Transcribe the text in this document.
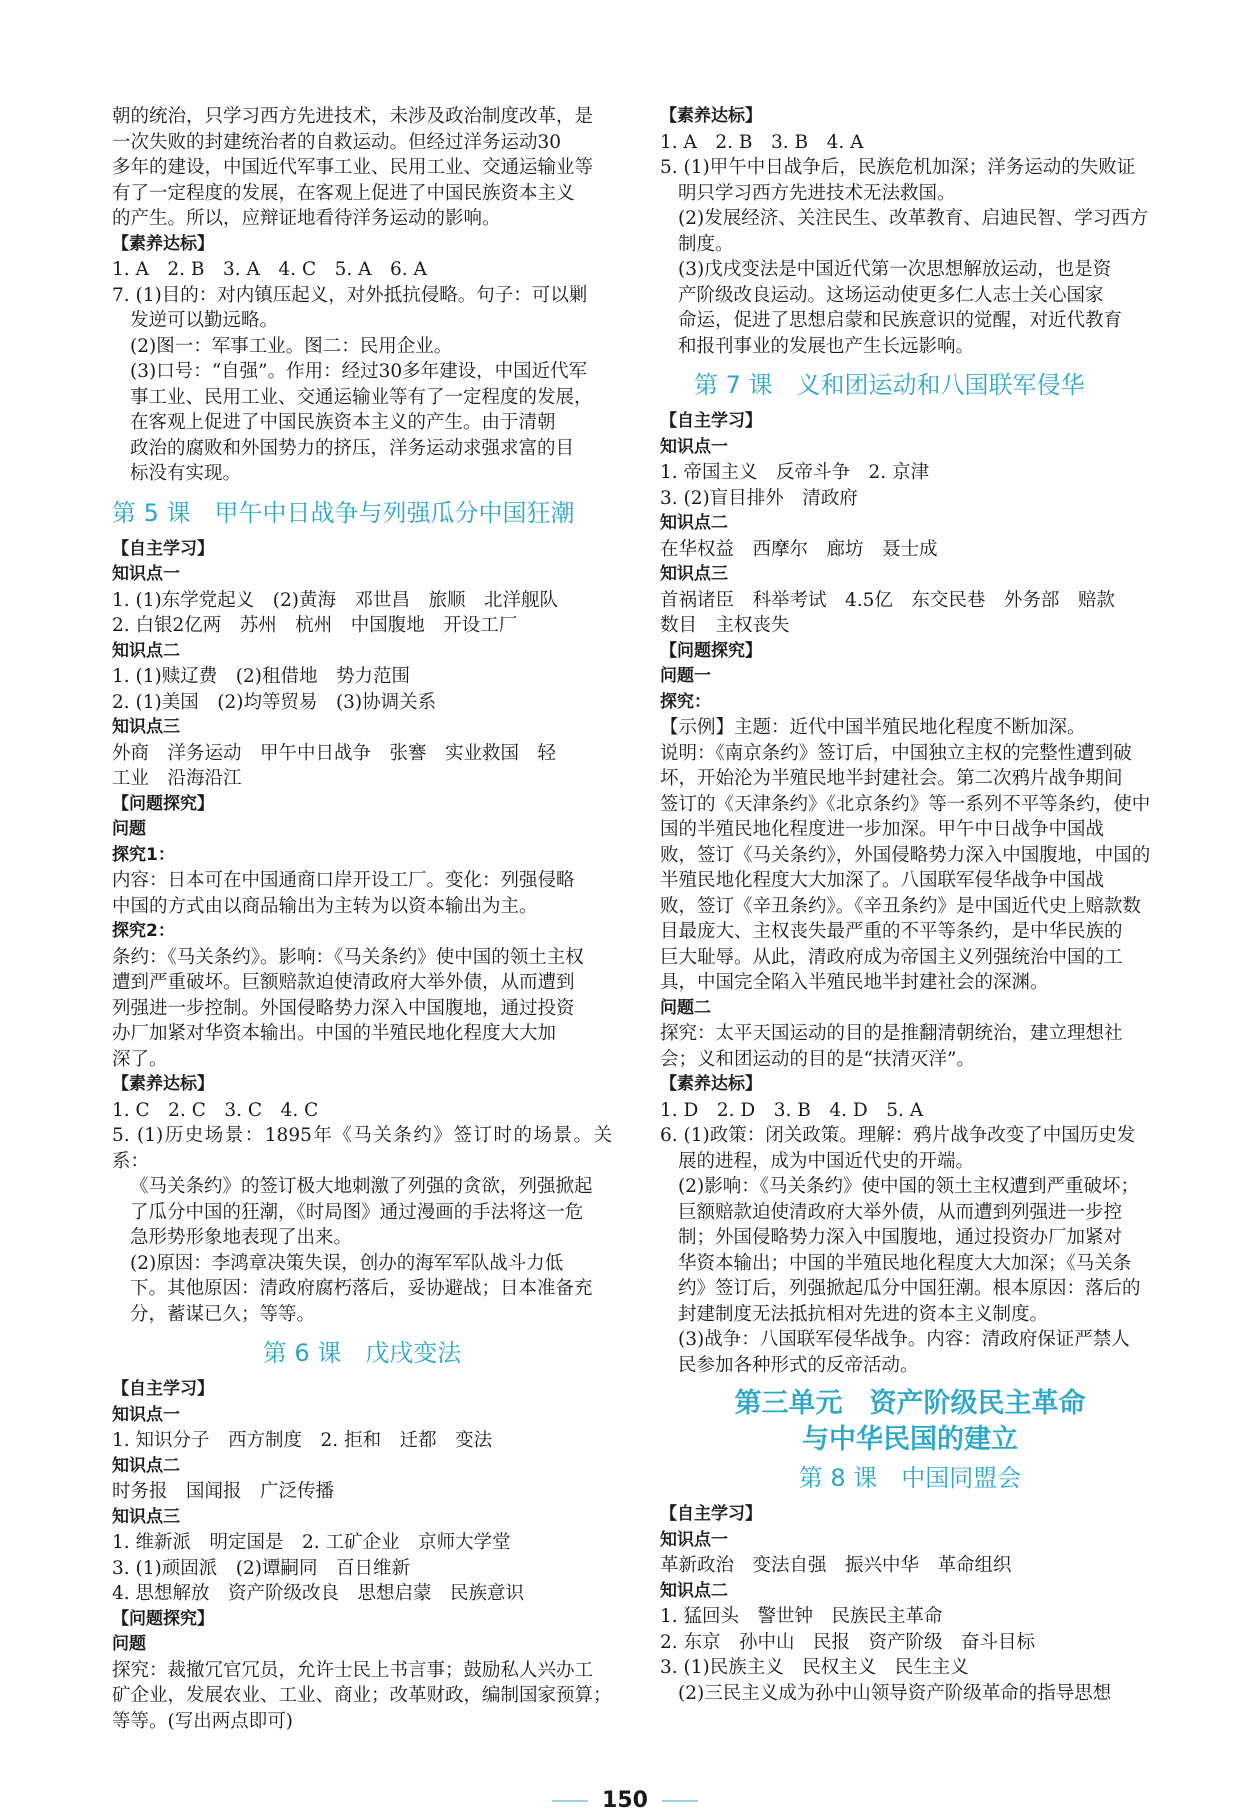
朝的统治，只学习西方先进技术，未涉及政治制度改革，是

一次失败的封建统治者的自救运动。但经过洋务运动30

多年的建设，中国近代军事工业、民用工业、交通运输业等

有了一定程度的发展，在客观上促进了中国民族资本主义

的产生。所以，应辩证地看待洋务运动的影响。

【素养达标】

1. A　2. B　3. A　4. C　5. A　6. A

7. (1)目的：对内镇压起义，对外抵抗侵略。句子：可以剿

发逆可以勤远略。

(2)图一：军事工业。图二：民用企业。

(3)口号：“自强”。作用：经过30多年建设，中国近代军

事工业、民用工业、交通运输业等有了一定程度的发展，

在客观上促进了中国民族资本主义的产生。由于清朝

政治的腐败和外国势力的挤压，洋务运动求强求富的目

标没有实现。

第 5 课　甲午中日战争与列强瓜分中国狂潮

【自主学习】

知识点一

1. (1)东学党起义　(2)黄海　邓世昌　旅顺　北洋舰队

2. 白银2亿两　苏州　杭州　中国腹地　开设工厂

知识点二

1. (1)赎辽费　(2)租借地　势力范围

2. (1)美国　(2)均等贸易　(3)协调关系

知识点三

外商　洋务运动　甲午中日战争　张謇　实业救国　轻

工业　沿海沿江

【问题探究】

问题

探究1：

内容：日本可在中国通商口岸开设工厂。变化：列强侵略

中国的方式由以商品输出为主转为以资本输出为主。

探究2：

条约：《马关条约》。影响：《马关条约》使中国的领土主权

遭到严重破坏。巨额赔款迫使清政府大举外债，从而遭到

列强进一步控制。外国侵略势力深入中国腹地，通过投资

办厂加紧对华资本输出。中国的半殖民地化程度大大加

深了。

【素养达标】

1. C　2. C　3. C　4. C

5. (1)历史场景：1895年《马关条约》签订时的场景。关系：

《马关条约》的签订极大地刺激了列强的贪欲，列强掀起

了瓜分中国的狂潮，《时局图》通过漫画的手法将这一危

急形势形象地表现了出来。

(2)原因：李鸿章决策失误，创办的海军军队战斗力低

下。其他原因：清政府腐朽落后，妥协避战；日本准备充

分，蓄谋已久；等等。

第 6 课　戊戌变法

【自主学习】

知识点一

1. 知识分子　西方制度　2. 拒和　迁都　变法

知识点二

时务报　国闻报　广泛传播

知识点三

1. 维新派　明定国是　2. 工矿企业　京师大学堂

3. (1)顽固派　(2)谭嗣同　百日维新

4. 思想解放　资产阶级改良　思想启蒙　民族意识

【问题探究】

问题

探究：裁撤冗官冗员，允许士民上书言事；鼓励私人兴办工

矿企业，发展农业、工业、商业；改革财政，编制国家预算；

等等。(写出两点即可)

【素养达标】

1. A　2. B　3. B　4. A

5. (1)甲午中日战争后，民族危机加深；洋务运动的失败证

明只学习西方先进技术无法救国。

(2)发展经济、关注民生、改革教育、启迪民智、学习西方

制度。

(3)戊戌变法是中国近代第一次思想解放运动，也是资

产阶级改良运动。这场运动使更多仁人志士关心国家

命运，促进了思想启蒙和民族意识的觉醒，对近代教育

和报刊事业的发展也产生长远影响。

第 7 课　义和团运动和八国联军侵华

【自主学习】

知识点一

1. 帝国主义　反帝斗争　2. 京津

3. (2)盲目排外　清政府

知识点二

在华权益　西摩尔　廊坊　聂士成

知识点三

首祸诸臣　科举考试　4.5亿　东交民巷　外务部　赔款

数目　主权丧失

【问题探究】

问题一

探究：

【示例】主题：近代中国半殖民地化程度不断加深。

说明：《南京条约》签订后，中国独立主权的完整性遭到破

坏，开始沦为半殖民地半封建社会。第二次鸦片战争期间

签订的《天津条约》《北京条约》等一系列不平等条约，使中

国的半殖民地化程度进一步加深。甲午中日战争中国战

败，签订《马关条约》，外国侵略势力深入中国腹地，中国的

半殖民地化程度大大加深了。八国联军侵华战争中国战

败，签订《辛丑条约》。《辛丑条约》是中国近代史上赔款数

目最庞大、主权丧失最严重的不平等条约，是中华民族的

巨大耻辱。从此，清政府成为帝国主义列强统治中国的工

具，中国完全陷入半殖民地半封建社会的深渊。

问题二

探究：太平天国运动的目的是推翻清朝统治，建立理想社

会；义和团运动的目的是“扶清灭洋”。

【素养达标】

1. D　2. D　3. B　4. D　5. A

6. (1)政策：闭关政策。理解：鸦片战争改变了中国历史发

展的进程，成为中国近代史的开端。

(2)影响：《马关条约》使中国的领土主权遭到严重破坏；

巨额赔款迫使清政府大举外债，从而遭到列强进一步控

制；外国侵略势力深入中国腹地，通过投资办厂加紧对

华资本输出；中国的半殖民地化程度大大加深；《马关条

约》签订后，列强掀起瓜分中国狂潮。根本原因：落后的

封建制度无法抵抗相对先进的资本主义制度。

(3)战争：八国联军侵华战争。内容：清政府保证严禁人

民参加各种形式的反帝活动。

第三单元　资产阶级民主革命
与中华民国的建立
第 8 课　中国同盟会

【自主学习】

知识点一

革新政治　变法自强　振兴中华　革命组织

知识点二

1. 猛回头　警世钟　民族民主革命

2. 东京　孙中山　民报　资产阶级　奋斗目标

3. (1)民族主义　民权主义　民生主义

(2)三民主义成为孙中山领导资产阶级革命的指导思想

150
